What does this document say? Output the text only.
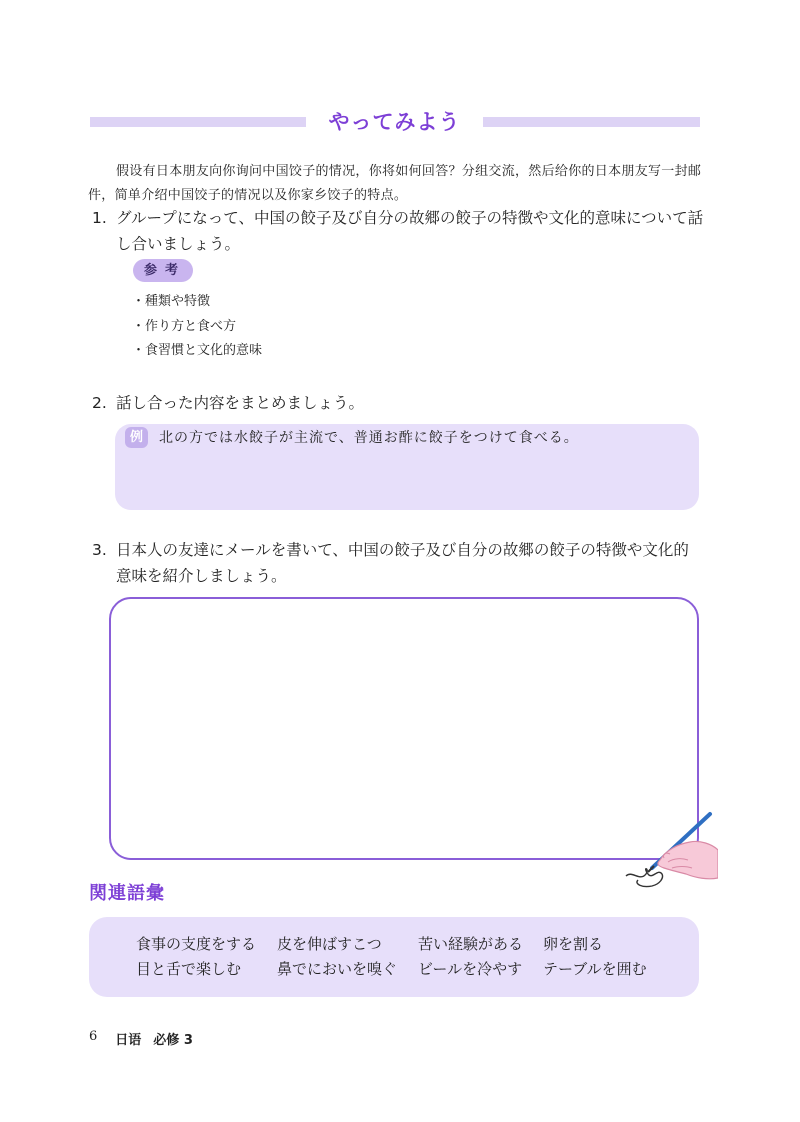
やってみよう

假设有日本朋友向你询问中国饺子的情况，你将如何回答？分组交流，然后给你的日本朋友写一封邮件，简单介绍中国饺子的情况以及你家乡饺子的特点。

1. グループになって、中国の餃子及び自分の故郷の餃子の特徴や文化的意味について話し合いましょう。
参考
・種類や特徴
・作り方と食べ方
・食習慣と文化的意味
2. 話し合った内容をまとめましょう。
例	北の方では水餃子が主流で、普通お酢に餃子をつけて食べる。
3. 日本人の友達にメールを書いて、中国の餃子及び自分の故郷の餃子の特徴や文化的意味を紹介しましょう。
関連語彙
食事の支度をする 皮を伸ばすこつ 苦い経験がある 卵を割る
目と舌で楽しむ 鼻でにおいを嗅ぐ ビールを冷やす テーブルを囲む
6 日语 必修 3
